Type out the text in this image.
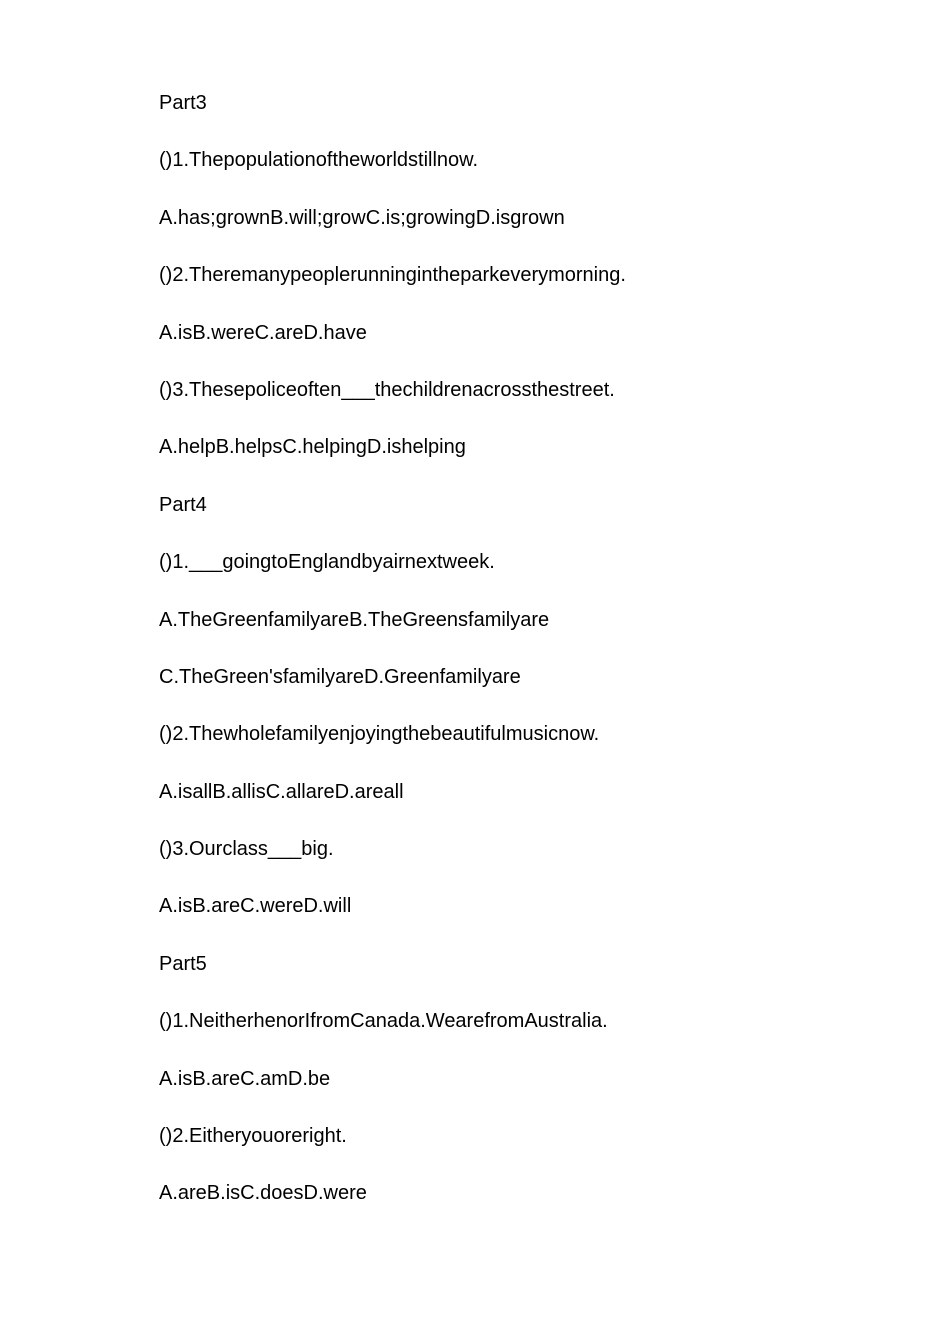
Part3
()1.Thepopulationoftheworldstillnow.
A.has;grownB.will;growC.is;growingD.isgrown
()2.Theremanypeoplerunningintheparkeverymorning.
A.isB.wereC.areD.have
()3.Thesepoliceoften___thechildrenacrossthestreet.
A.helpB.helpsC.helpingD.ishelping
Part4
()1.___goingtoEnglandbyairnextweek.
A.TheGreenfamilyareB.TheGreensfamilyare
C.TheGreen'sfamilyareD.Greenfamilyare
()2.Thewholefamilyenjoyingthebeautifulmusicnow.
A.isallB.allisC.allareD.areall
()3.Ourclass___big.
A.isB.areC.wereD.will
Part5
()1.NeitherhenorIfromCanada.WearefromAustralia.
A.isB.areC.amD.be
()2.Eitheryouoreright.
A.areB.isC.doesD.were
